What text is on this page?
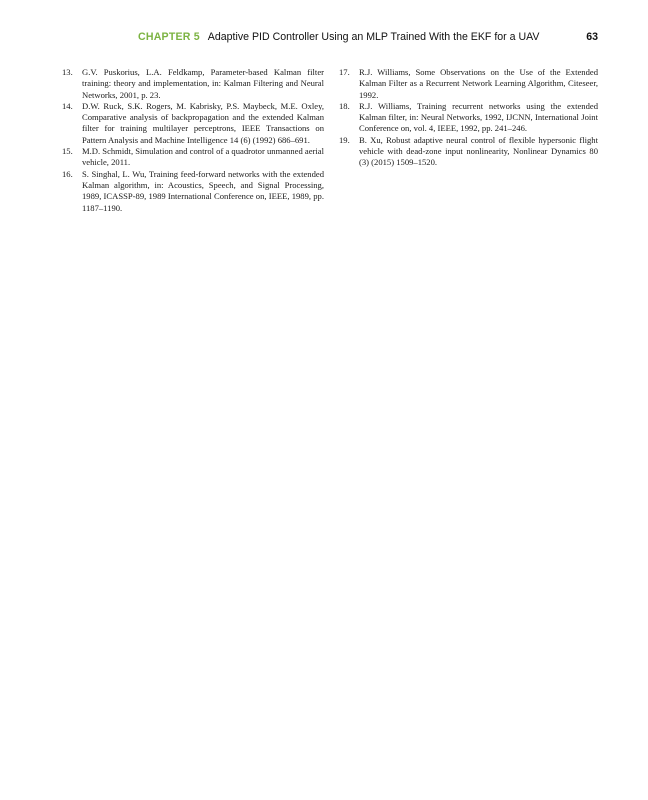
CHAPTER 5 Adaptive PID Controller Using an MLP Trained With the EKF for a UAV	63
13. G.V. Puskorius, L.A. Feldkamp, Parameter-based Kalman filter training: theory and implementation, in: Kalman Filtering and Neural Networks, 2001, p. 23.
14. D.W. Ruck, S.K. Rogers, M. Kabrisky, P.S. Maybeck, M.E. Oxley, Comparative analysis of backpropagation and the extended Kalman filter for training multilayer perceptrons, IEEE Transactions on Pattern Analysis and Machine Intelligence 14 (6) (1992) 686–691.
15. M.D. Schmidt, Simulation and control of a quadrotor unmanned aerial vehicle, 2011.
16. S. Singhal, L. Wu, Training feed-forward networks with the extended Kalman algorithm, in: Acoustics, Speech, and Signal Processing, 1989, ICASSP-89, 1989 International Conference on, IEEE, 1989, pp. 1187–1190.
17. R.J. Williams, Some Observations on the Use of the Extended Kalman Filter as a Recurrent Network Learning Algorithm, Citeseer, 1992.
18. R.J. Williams, Training recurrent networks using the extended Kalman filter, in: Neural Networks, 1992, IJCNN, International Joint Conference on, vol. 4, IEEE, 1992, pp. 241–246.
19. B. Xu, Robust adaptive neural control of flexible hypersonic flight vehicle with dead-zone input nonlinearity, Nonlinear Dynamics 80 (3) (2015) 1509–1520.
